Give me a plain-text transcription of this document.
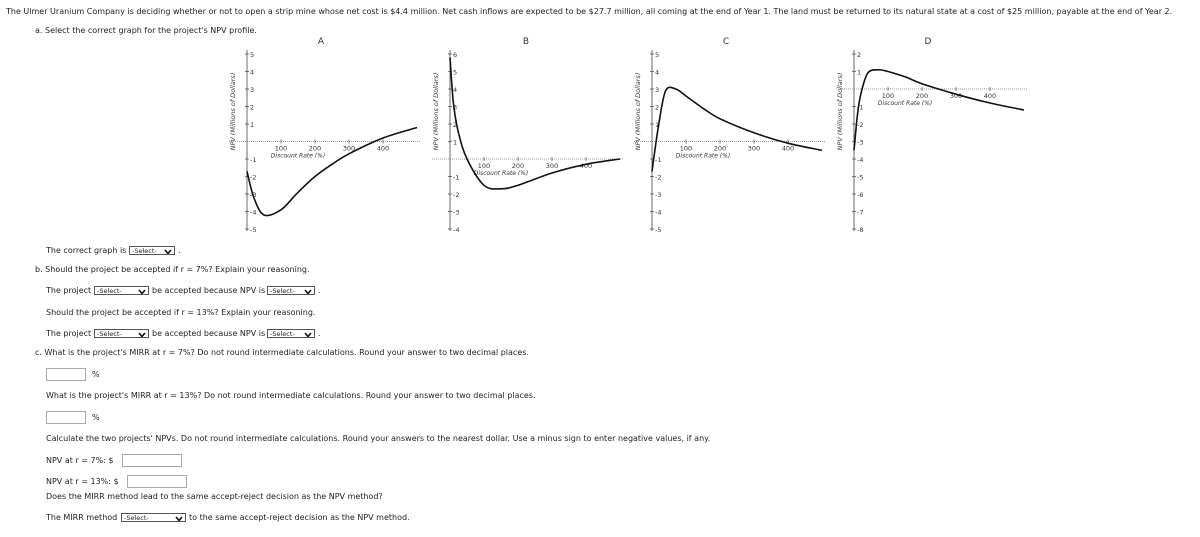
The Ulmer Uranium Company is deciding whether or not to open a strip mine whose net cost is $4.4 million. Net cash inflows are expected to be $27.7 million, all coming at the end of Year 1. The land must be returned to its natural state at a cost of $25 million, payable at the end of Year 2.
a. Select the correct graph for the project's NPV profile.
A
5
4
3
2
1
-1
-2
-3
-4
-5
100	200	300	400
Discount Rate (%)
NPV (Millions of Dollars)
B
6
5
4
3
2
1
-1
-2
-3
-4
100	200	300	400
Discount Rate (%)
NPV (Millions of Dollars)
C
5
4
3
2
1
-1
-2
-3
-4
-5
100	200	300	400
Discount Rate (%)
NPV (Millions of Dollars)
D
2
1
-1
-2
-3
-4
-5
-6
-7
-8
100	200	300	400
Discount Rate (%)
NPV (Millions of Dollars)
The correct graph is -Select-	.
b. Should the project be accepted if r = 7%? Explain your reasoning.
The project -Select-	be accepted because NPV is -Select-	.
Should the project be accepted if r = 13%? Explain your reasoning.
The project -Select-	be accepted because NPV is -Select-	.
c. What is the project's MIRR at r = 7%? Do not round intermediate calculations. Round your answer to two decimal places.
%
What is the project's MIRR at r = 13%? Do not round intermediate calculations. Round your answer to two decimal places.
%
Calculate the two projects' NPVs. Do not round intermediate calculations. Round your answers to the nearest dollar. Use a minus sign to enter negative values, if any.
NPV at r = 7%: $
NPV at r = 13%: $
Does the MIRR method lead to the same accept-reject decision as the NPV method?
The MIRR method	-Select-	to the same accept-reject decision as the NPV method.
